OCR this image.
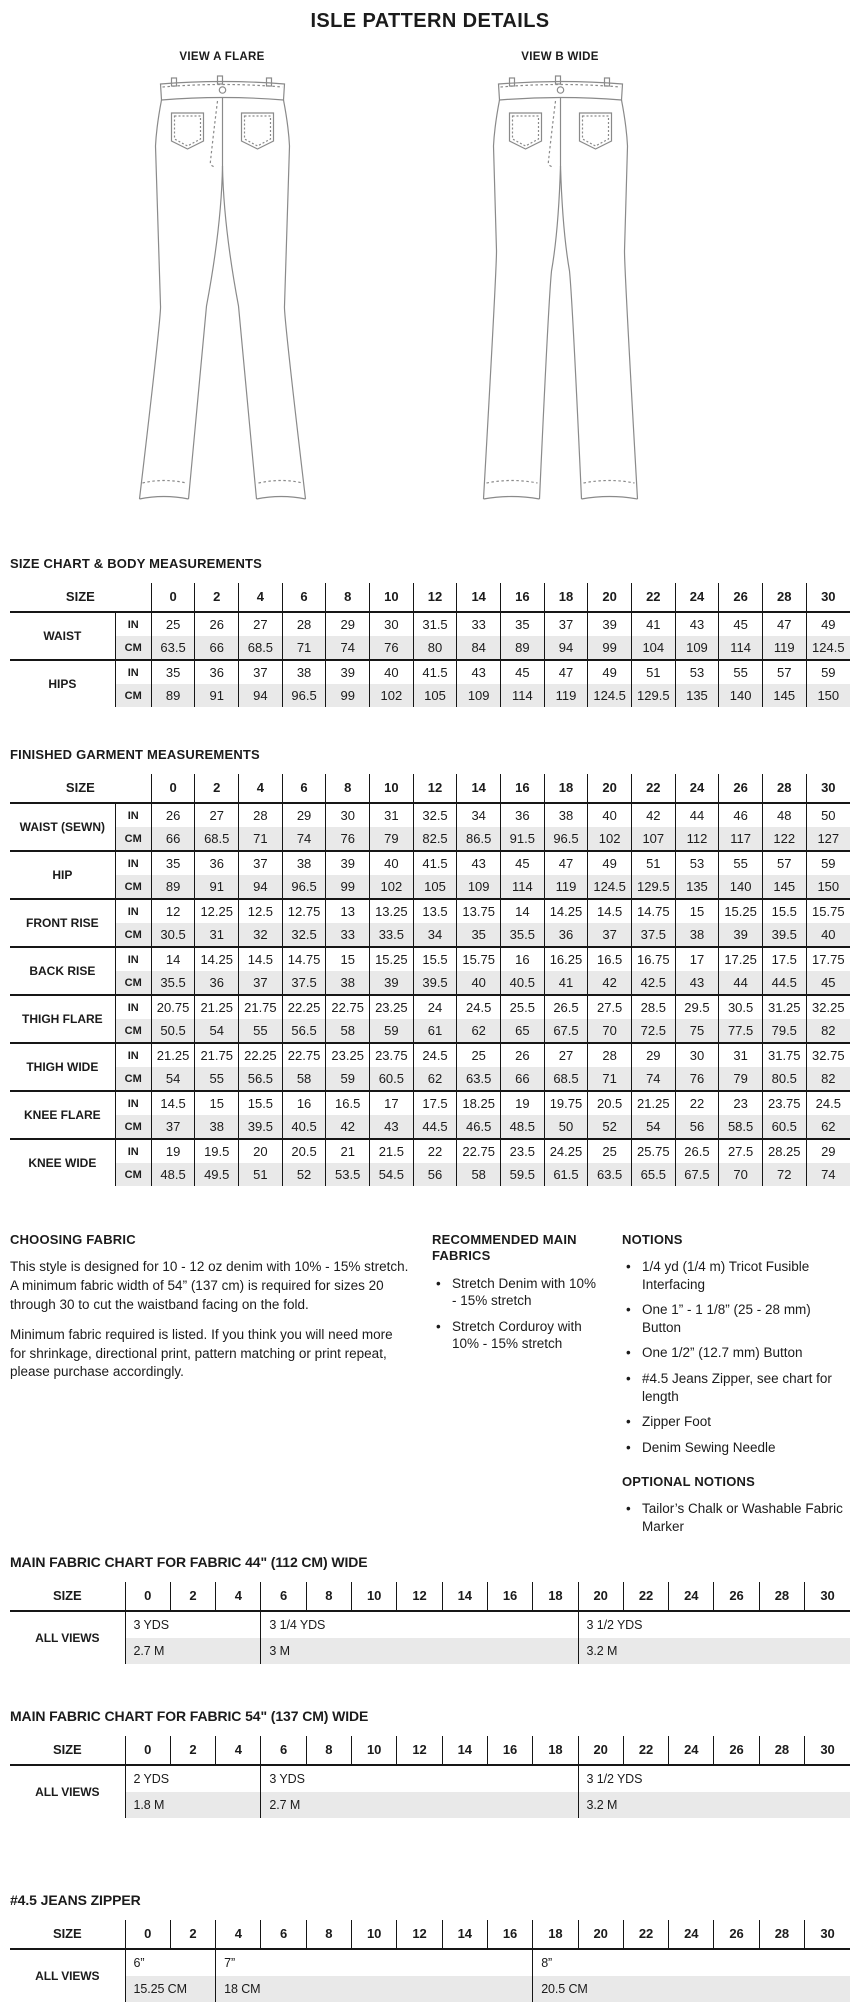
ISLE PATTERN DETAILS
VIEW A FLARE	VIEW B WIDE
SIZE CHART & BODY MEASUREMENTS
SIZE		0	2	4	6	8	10	12	14	16	18	20	22	24	26	28	30
WAIST	IN	25	26	27	28	29	30	31.5	33	35	37	39	41	43	45	47	49
	CM	63.5	66	68.5	71	74	76	80	84	89	94	99	104	109	114	119	124.5
HIPS	IN	35	36	37	38	39	40	41.5	43	45	47	49	51	53	55	57	59
	CM	89	91	94	96.5	99	102	105	109	114	119	124.5	129.5	135	140	145	150
FINISHED GARMENT MEASUREMENTS
SIZE		0	2	4	6	8	10	12	14	16	18	20	22	24	26	28	30
WAIST (SEWN)	IN	26	27	28	29	30	31	32.5	34	36	38	40	42	44	46	48	50
	CM	66	68.5	71	74	76	79	82.5	86.5	91.5	96.5	102	107	112	117	122	127
HIP	IN	35	36	37	38	39	40	41.5	43	45	47	49	51	53	55	57	59
	CM	89	91	94	96.5	99	102	105	109	114	119	124.5	129.5	135	140	145	150
FRONT RISE	IN	12	12.25	12.5	12.75	13	13.25	13.5	13.75	14	14.25	14.5	14.75	15	15.25	15.5	15.75
	CM	30.5	31	32	32.5	33	33.5	34	35	35.5	36	37	37.5	38	39	39.5	40
BACK RISE	IN	14	14.25	14.5	14.75	15	15.25	15.5	15.75	16	16.25	16.5	16.75	17	17.25	17.5	17.75
	CM	35.5	36	37	37.5	38	39	39.5	40	40.5	41	42	42.5	43	44	44.5	45
THIGH FLARE	IN	20.75	21.25	21.75	22.25	22.75	23.25	24	24.5	25.5	26.5	27.5	28.5	29.5	30.5	31.25	32.25
	CM	50.5	54	55	56.5	58	59	61	62	65	67.5	70	72.5	75	77.5	79.5	82
THIGH WIDE	IN	21.25	21.75	22.25	22.75	23.25	23.75	24.5	25	26	27	28	29	30	31	31.75	32.75
	CM	54	55	56.5	58	59	60.5	62	63.5	66	68.5	71	74	76	79	80.5	82
KNEE FLARE	IN	14.5	15	15.5	16	16.5	17	17.5	18.25	19	19.75	20.5	21.25	22	23	23.75	24.5
	CM	37	38	39.5	40.5	42	43	44.5	46.5	48.5	50	52	54	56	58.5	60.5	62
KNEE WIDE	IN	19	19.5	20	20.5	21	21.5	22	22.75	23.5	24.25	25	25.75	26.5	27.5	28.25	29
	CM	48.5	49.5	51	52	53.5	54.5	56	58	59.5	61.5	63.5	65.5	67.5	70	72	74
CHOOSING FABRIC

This style is designed for 10 - 12 oz denim with 10% - 15% stretch. A minimum fabric width of 54” (137 cm) is required for sizes 20 through 30 to cut the waistband facing on the fold.

Minimum fabric required is listed. If you think you will need more for shrinkage, directional print, pattern matching or print repeat, please purchase accordingly.

RECOMMENDED MAIN FABRICS
• Stretch Denim with 10% - 15% stretch
• Stretch Corduroy with 10% - 15% stretch
NOTIONS
• 1/4 yd (1/4 m) Tricot Fusible Interfacing
• One 1” - 1 1/8” (25 - 28 mm) Button
• One 1/2” (12.7 mm) Button
• #4.5 Jeans Zipper, see chart for length
• Zipper Foot
• Denim Sewing Needle
OPTIONAL NOTIONS
• Tailor’s Chalk or Washable Fabric Marker
MAIN FABRIC CHART FOR FABRIC 44" (112 CM) WIDE
SIZE	0	2	4	6	8	10	12	14	16	18	20	22	24	26	28	30
ALL VIEWS	3 YDS			3 1/4 YDS							3 1/2 YDS					
	2.7 M			3 M							3.2 M					
MAIN FABRIC CHART FOR FABRIC 54" (137 CM) WIDE
SIZE	0	2	4	6	8	10	12	14	16	18	20	22	24	26	28	30
ALL VIEWS	2 YDS			3 YDS							3 1/2 YDS					
	1.8 M			2.7 M							3.2 M					
#4.5 JEANS ZIPPER
SIZE	0	2	4	6	8	10	12	14	16	18	20	22	24	26	28	30
ALL VIEWS	6”		7”							8”						
	15.25 CM		18 CM							20.5 CM						
